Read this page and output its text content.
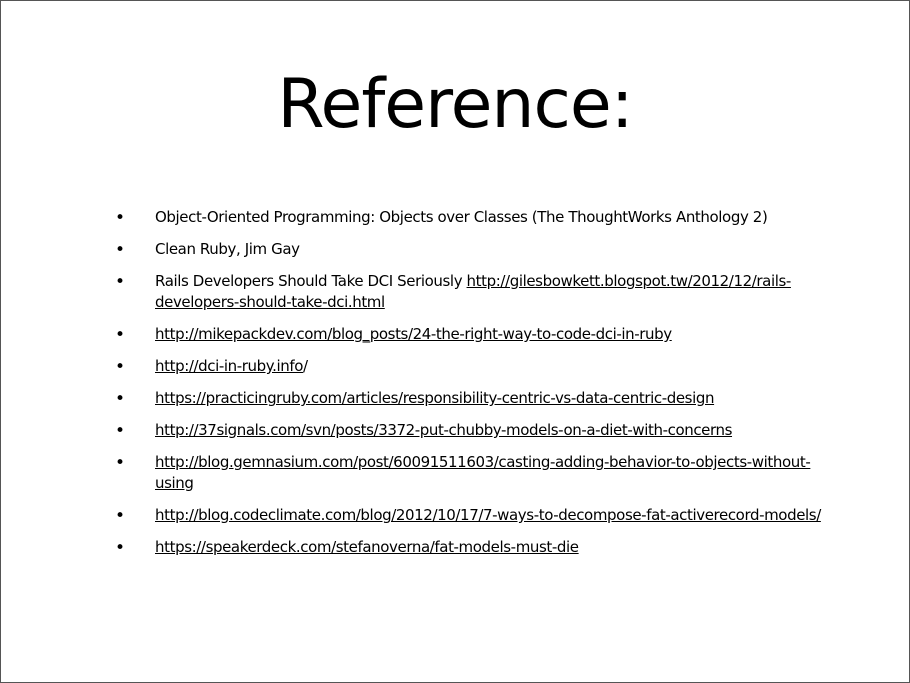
Reference:
• Object-Oriented Programming: Objects over Classes (The ThoughtWorks Anthology 2)
• Clean Ruby, Jim Gay
• Rails Developers Should Take DCI Seriously http://gilesbowkett.blogspot.tw/2012/12/rails-developers-should-take-dci.html
• http://mikepackdev.com/blog_posts/24-the-right-way-to-code-dci-in-ruby
• http://dci-in-ruby.info/
• https://practicingruby.com/articles/responsibility-centric-vs-data-centric-design
• http://37signals.com/svn/posts/3372-put-chubby-models-on-a-diet-with-concerns
• http://blog.gemnasium.com/post/60091511603/casting-adding-behavior-to-objects-without-using
• http://blog.codeclimate.com/blog/2012/10/17/7-ways-to-decompose-fat-activerecord-models/
• https://speakerdeck.com/stefanoverna/fat-models-must-die
